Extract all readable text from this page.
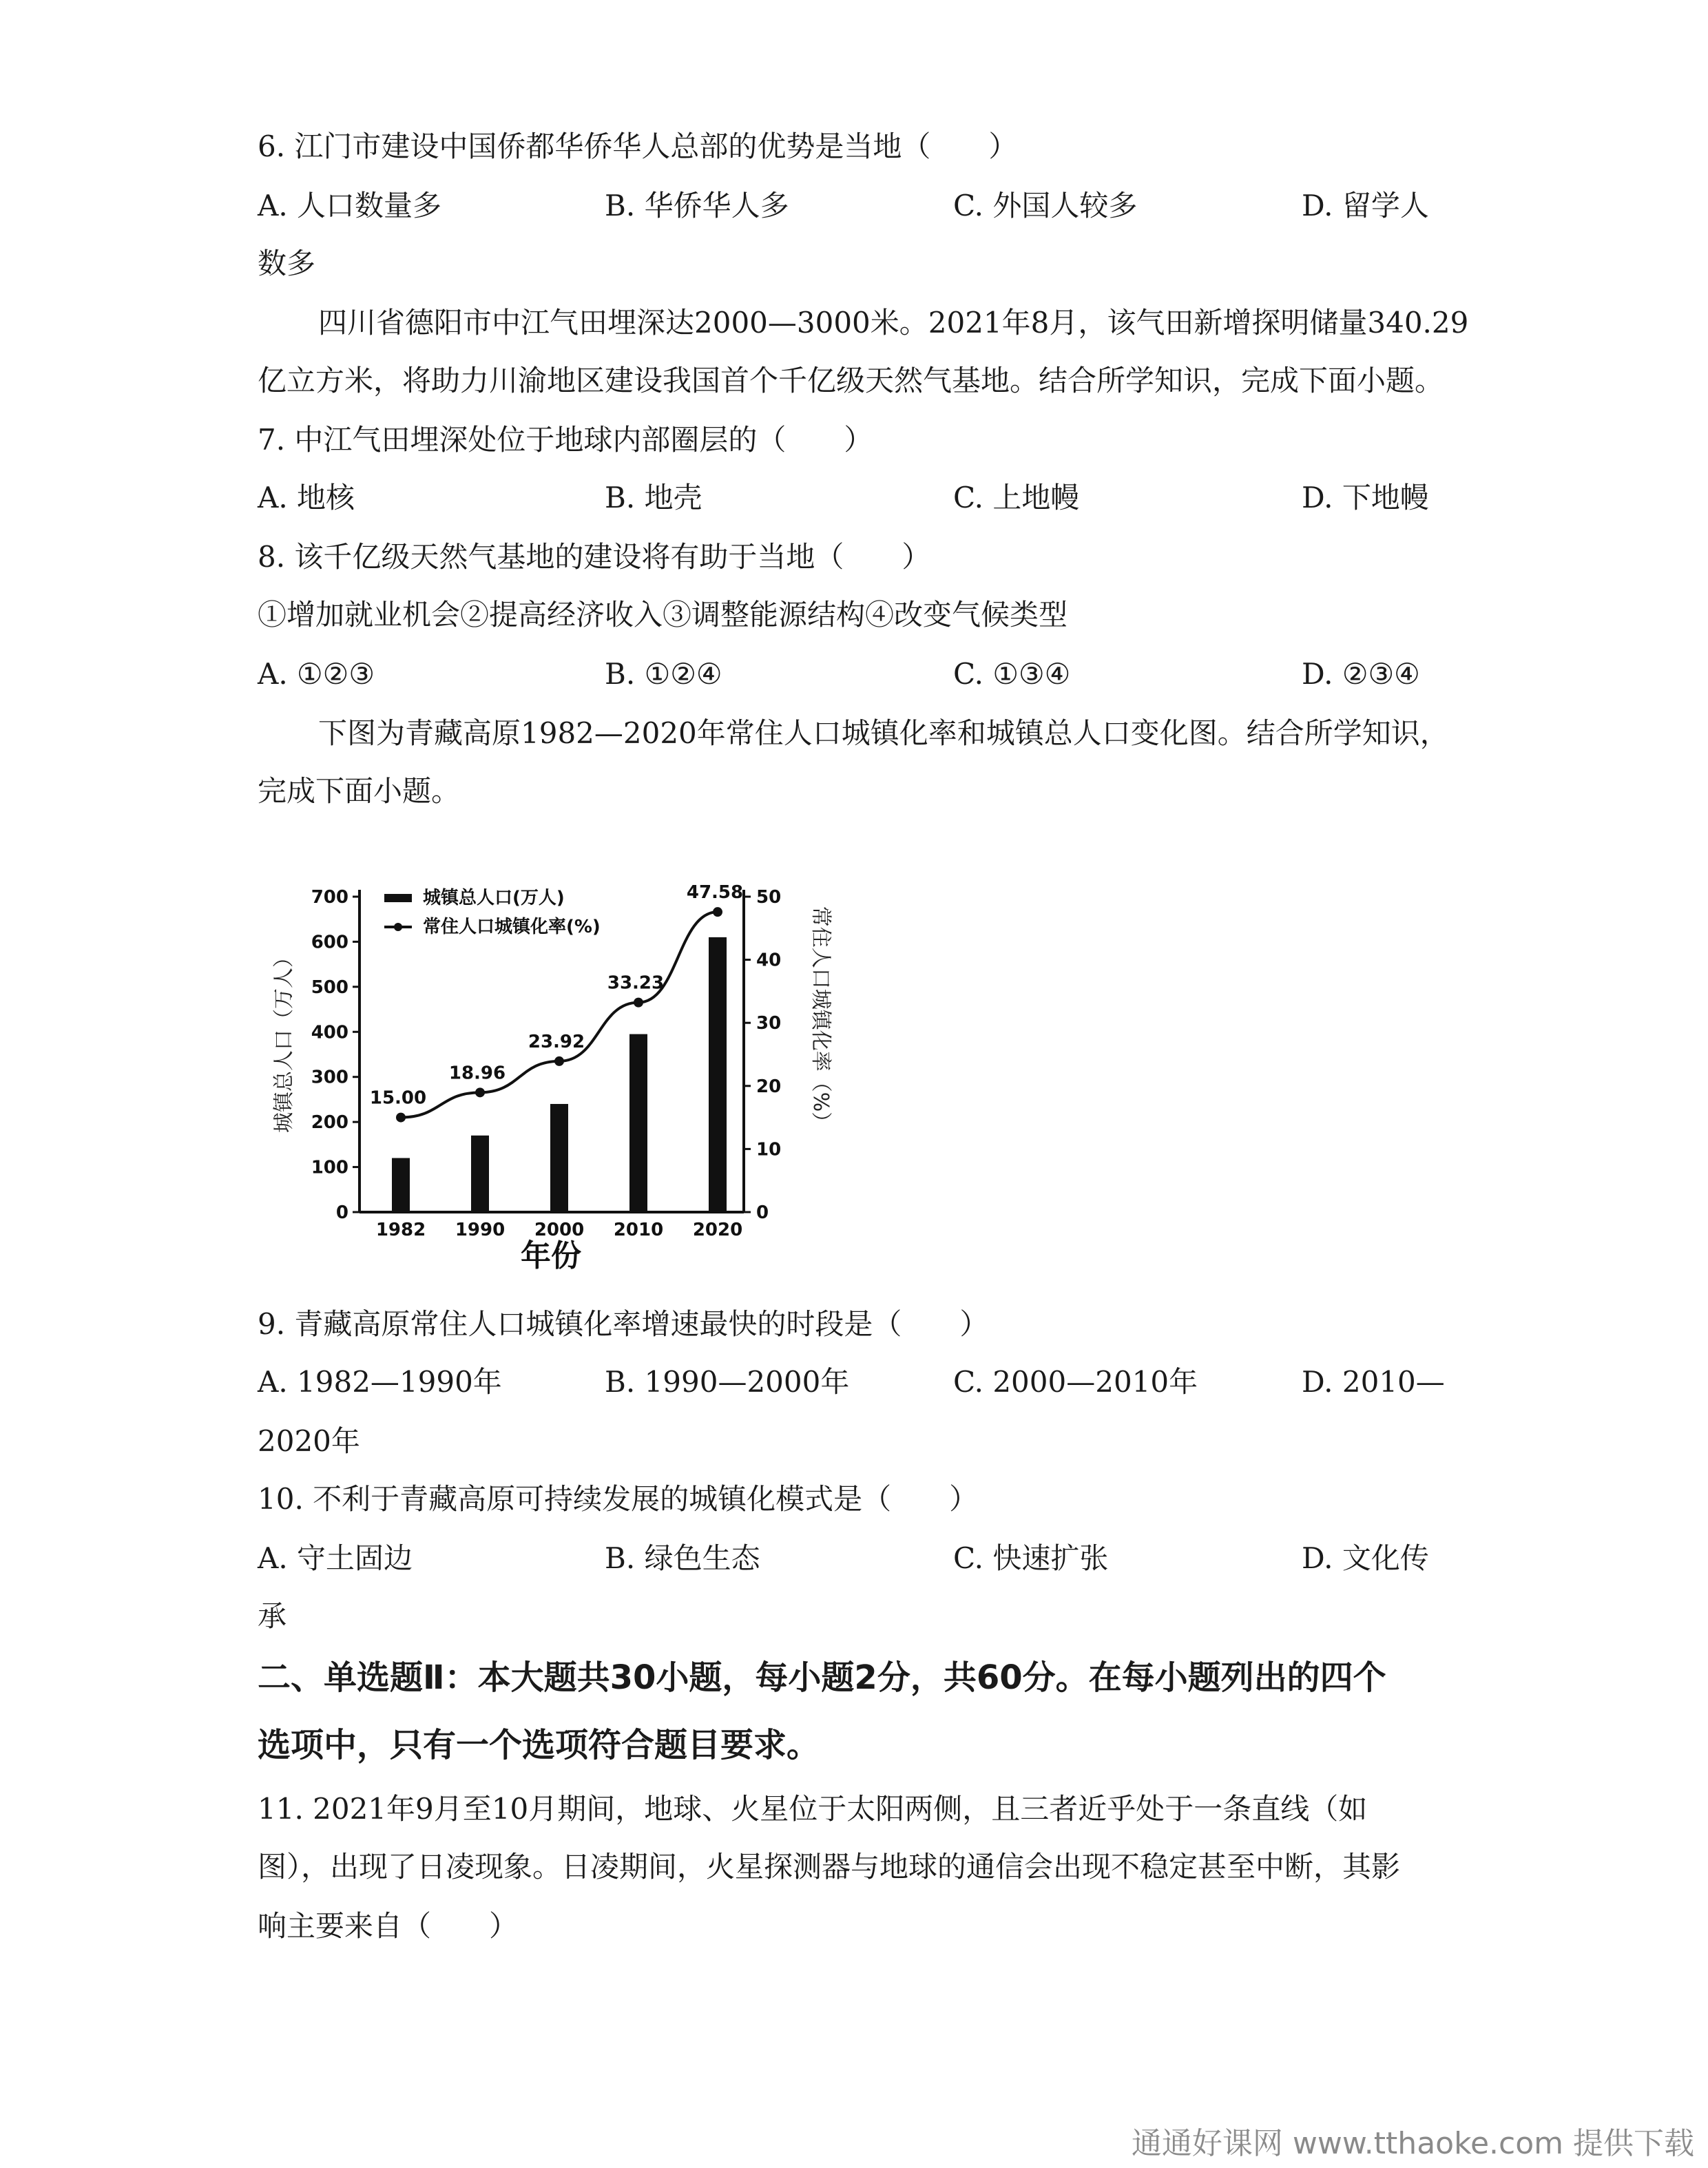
6. 江门市建设中国侨都华侨华人总部的优势是当地（　　）
A. 人口数量多	B. 华侨华人多	C. 外国人较多	D. 留学人
数多
四川省德阳市中江气田埋深达2000—3000米。2021年8月，该气田新增探明储量340.29
亿立方米，将助力川渝地区建设我国首个千亿级天然气基地。结合所学知识，完成下面小题。
7. 中江气田埋深处位于地球内部圈层的（　　）
A. 地核	B. 地壳	C. 上地幔	D. 下地幔
8. 该千亿级天然气基地的建设将有助于当地（　　）
①增加就业机会②提高经济收入③调整能源结构④改变气候类型
A. ①②③	B. ①②④	C. ①③④	D. ②③④
下图为青藏高原1982—2020年常住人口城镇化率和城镇总人口变化图。结合所学知识，
完成下面小题。
城镇总人口（万人）	常住人口城镇化率（%）
年份
城镇总人口(万人)
常住人口城镇化率(%)
0
100
200
300
400
500
600
700
0
10
20
30
40
50
1982 1990 2000 2010 2020
15.00
18.96
23.92
33.23
47.58
9. 青藏高原常住人口城镇化率增速最快的时段是（　　）
A. 1982—1990年	B. 1990—2000年	C. 2000—2010年	D. 2010—
2020年
10. 不利于青藏高原可持续发展的城镇化模式是（　　）
A. 守土固边	B. 绿色生态	C. 快速扩张	D. 文化传
承
二、单选题Ⅱ：本大题共30小题，每小题2分，共60分。在每小题列出的四个
选项中，只有一个选项符合题目要求。
11. 2021年9月至10月期间，地球、火星位于太阳两侧，且三者近乎处于一条直线（如
图），出现了日凌现象。日凌期间，火星探测器与地球的通信会出现不稳定甚至中断，其影
响主要来自（　　）
通通好课网 www.tthaoke.com 提供下载
